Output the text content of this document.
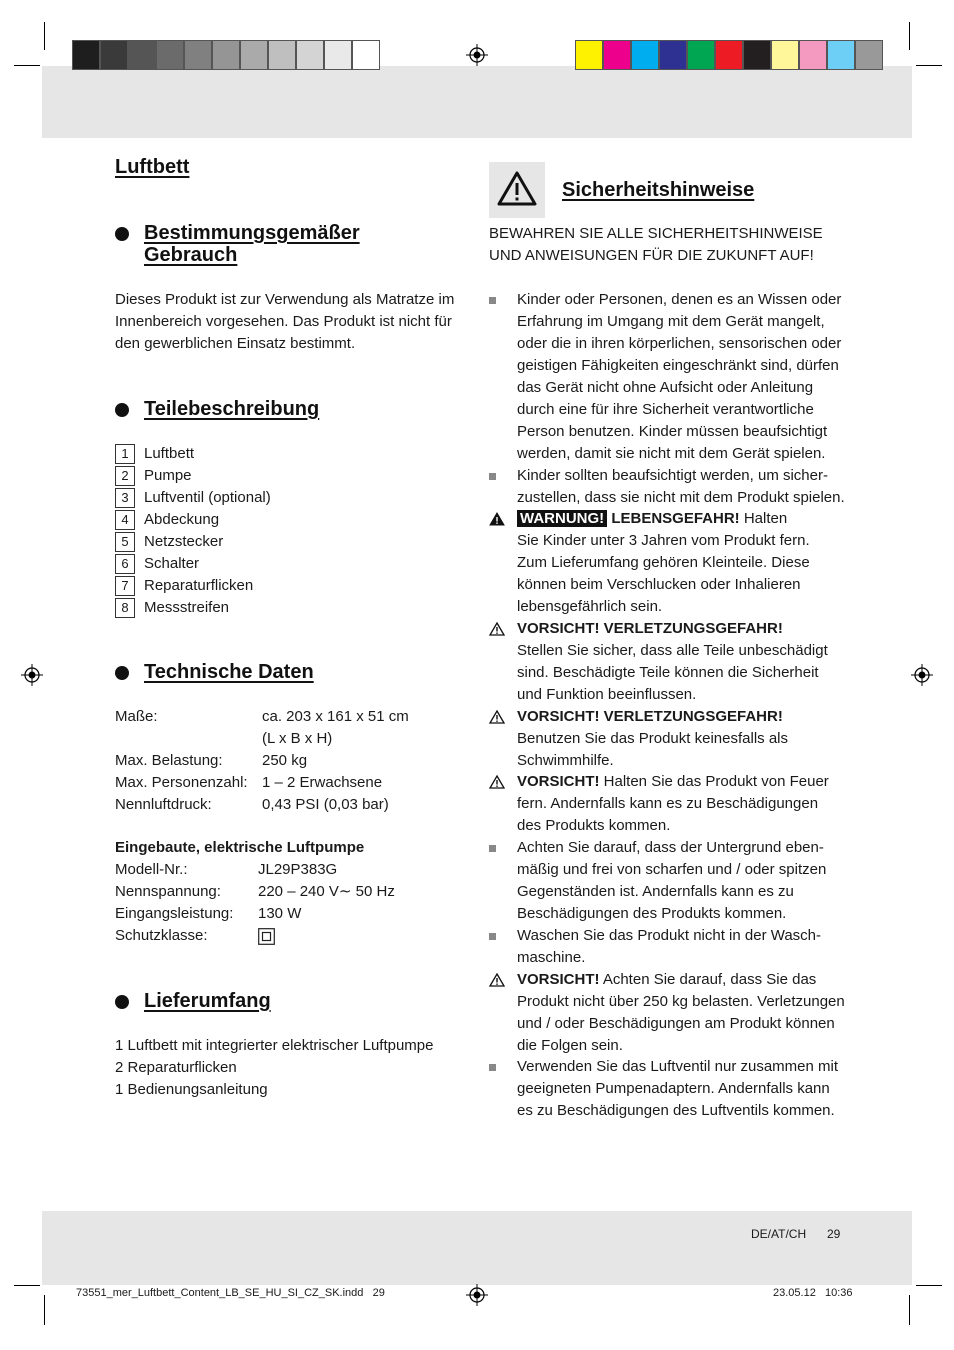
Luftbett
Bestimmungsgemäßer
Gebrauch
Dieses Produkt ist zur Verwendung als Matratze im
Innenbereich vorgesehen. Das Produkt ist nicht für
den gewerblichen Einsatz bestimmt.
Teilebeschreibung
1 Luftbett
2 Pumpe
3 Luftventil (optional)
4 Abdeckung
5 Netzstecker
6 Schalter
7 Reparaturflicken
8 Messstreifen
Technische Daten
Maße:	ca. 203 x 161 x 51 cm
(L x B x H)
Max. Belastung:	250 kg
Max. Personenzahl: 1 – 2 Erwachsene
Nennluftdruck:	0,43 PSI (0,03 bar)
Eingebaute, elektrische Luftpumpe
Modell-Nr.:	JL29P383G
Nennspannung: 220 – 240 V∼ 50 Hz
Eingangsleistung: 130 W
Schutzklasse:
Lieferumfang
1 Luftbett mit integrierter elektrischer Luftpumpe
2 Reparaturflicken
1 Bedienungsanleitung
Sicherheitshinweise
BEWAHREN SIE ALLE SICHERHEITSHINWEISE
UND ANWEISUNGEN FÜR DIE ZUKUNFT AUF!
Kinder oder Personen, denen es an Wissen oder
Erfahrung im Umgang mit dem Gerät mangelt,
oder die in ihren körperlichen, sensorischen oder
geistigen Fähigkeiten eingeschränkt sind, dürfen
das Gerät nicht ohne Aufsicht oder Anleitung
durch eine für ihre Sicherheit verantwortliche
Person benutzen. Kinder müssen beaufsichtigt
werden, damit sie nicht mit dem Gerät spielen.
Kinder sollten beaufsichtigt werden, um sicher-
zustellen, dass sie nicht mit dem Produkt spielen.
WARNUNG! LEBENSGEFAHR! Halten
Sie Kinder unter 3 Jahren vom Produkt fern.
Zum Lieferumfang gehören Kleinteile. Diese
können beim Verschlucken oder Inhalieren
lebensgefährlich sein.
VORSICHT! VERLETZUNGSGEFAHR!
Stellen Sie sicher, dass alle Teile unbeschädigt
sind. Beschädigte Teile können die Sicherheit
und Funktion beeinflussen.
VORSICHT! VERLETZUNGSGEFAHR!
Benutzen Sie das Produkt keinesfalls als
Schwimmhilfe.
VORSICHT! Halten Sie das Produkt von Feuer
fern. Andernfalls kann es zu Beschädigungen
des Produkts kommen.
Achten Sie darauf, dass der Untergrund eben-
mäßig und frei von scharfen und / oder spitzen
Gegenständen ist. Andernfalls kann es zu
Beschädigungen des Produkts kommen.
Waschen Sie das Produkt nicht in der Wasch-
maschine.
VORSICHT! Achten Sie darauf, dass Sie das
Produkt nicht über 250 kg belasten. Verletzungen
und / oder Beschädigungen am Produkt können
die Folgen sein.
Verwenden Sie das Luftventil nur zusammen mit
geeigneten Pumpenadaptern. Andernfalls kann
es zu Beschädigungen des Luftventils kommen.
DE/AT/CH 29
73551_mer_Luftbett_Content_LB_SE_HU_SI_CZ_SK.indd   29	23.05.12   10:36
